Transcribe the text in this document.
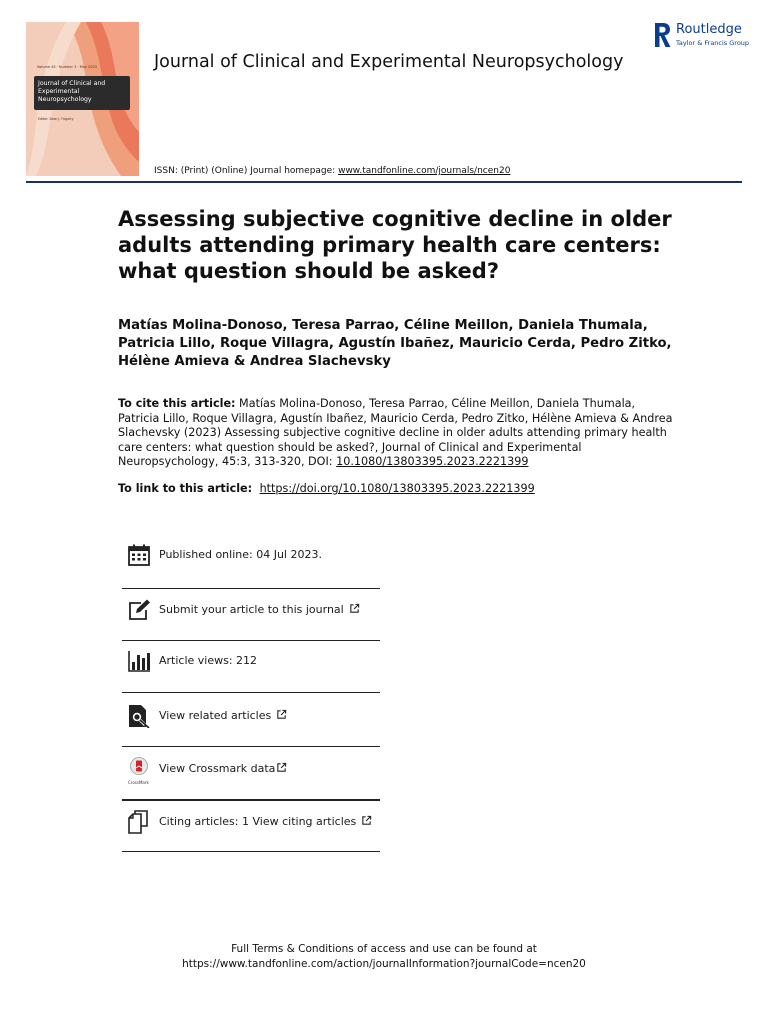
Volume 45 · Number 3 · May 2023
Journal of Clinical and Experimental Neuropsychology
Editor: Sean J. Fogarty
Journal of Clinical and Experimental Neuropsychology
Routledge
Taylor & Francis Group
ISSN: (Print) (Online) Journal homepage: www.tandfonline.com/journals/ncen20
Assessing subjective cognitive decline in older adults attending primary health care centers: what question should be asked?
Matías Molina-Donoso, Teresa Parrao, Céline Meillon, Daniela Thumala, Patricia Lillo, Roque Villagra, Agustín Ibañez, Mauricio Cerda, Pedro Zitko, Hélène Amieva & Andrea Slachevsky
To cite this article: Matías Molina-Donoso, Teresa Parrao, Céline Meillon, Daniela Thumala, Patricia Lillo, Roque Villagra, Agustín Ibañez, Mauricio Cerda, Pedro Zitko, Hélène Amieva & Andrea Slachevsky (2023) Assessing subjective cognitive decline in older adults attending primary health care centers: what question should be asked?, Journal of Clinical and Experimental Neuropsychology, 45:3, 313-320, DOI: 10.1080/13803395.2023.2221399
To link to this article:  https://doi.org/10.1080/13803395.2023.2221399
Published online: 04 Jul 2023.
Submit your article to this journal
Article views: 212
View related articles
CrossMark
View Crossmark data
Citing articles: 1 View citing articles
Full Terms & Conditions of access and use can be found at
https://www.tandfonline.com/action/journalInformation?journalCode=ncen20
